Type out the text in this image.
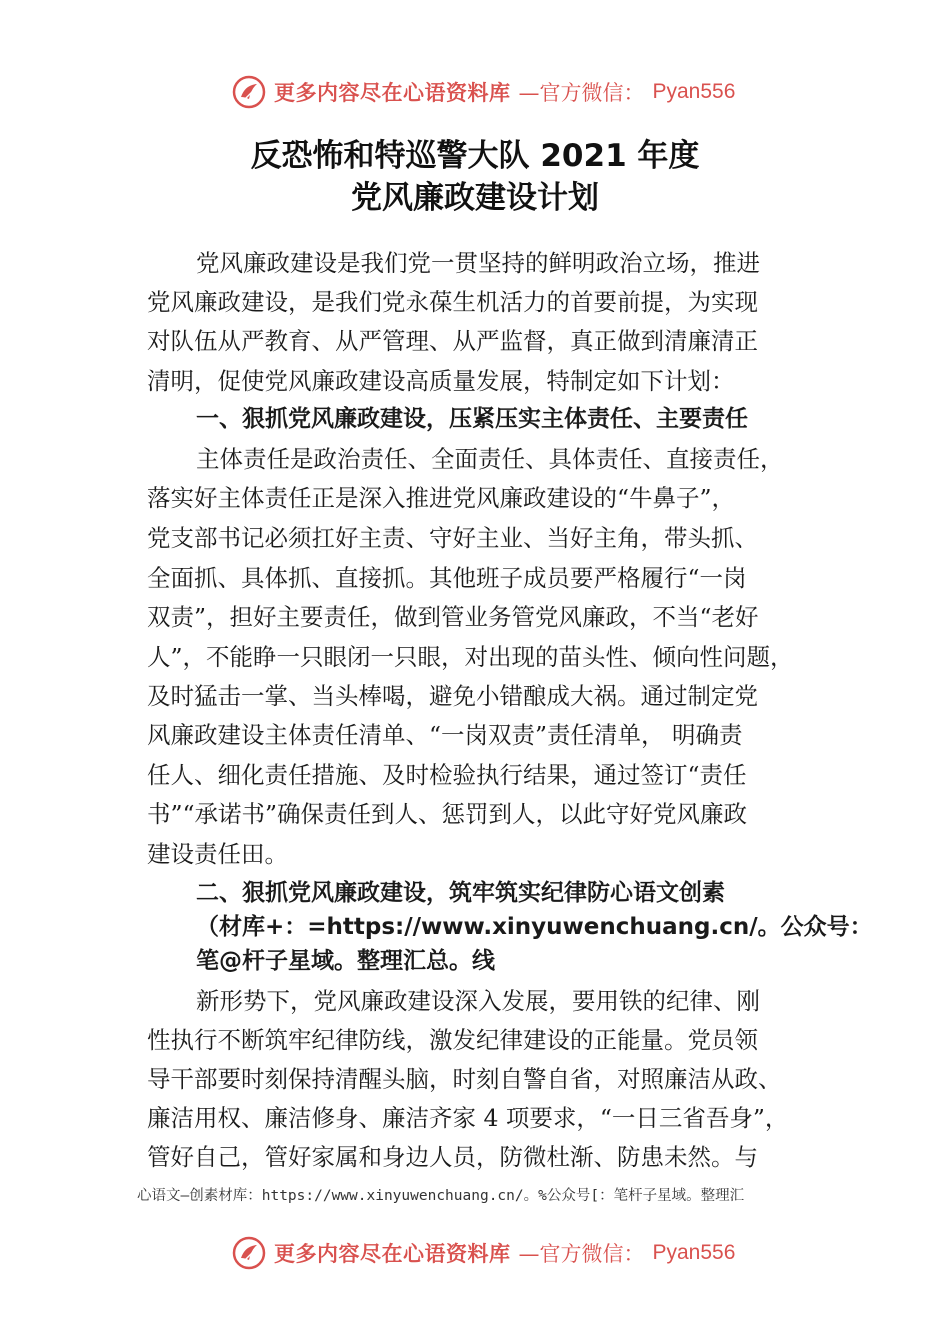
更多内容尽在心语资料库 —官方微信： Pyan556
反恐怖和特巡警大队 2021 年度
党风廉政建设计划
党风廉政建设是我们党一贯坚持的鲜明政治立场，推进
党风廉政建设，是我们党永葆生机活力的首要前提，为实现
对队伍从严教育、从严管理、从严监督，真正做到清廉清正
清明，促使党风廉政建设高质量发展，特制定如下计划：
一、狠抓党风廉政建设，压紧压实主体责任、主要责任
主体责任是政治责任、全面责任、具体责任、直接责任，
落实好主体责任正是深入推进党风廉政建设的“牛鼻子”，
党支部书记必须扛好主责、守好主业、当好主角，带头抓、
全面抓、具体抓、直接抓。其他班子成员要严格履行“一岗
双责”，担好主要责任，做到管业务管党风廉政，不当“老好
人”，不能睁一只眼闭一只眼，对出现的苗头性、倾向性问题，
及时猛击一掌、当头棒喝，避免小错酿成大祸。通过制定党
风廉政建设主体责任清单、“一岗双责”责任清单， 明确责
任人、细化责任措施、及时检验执行结果，通过签订“责任
书”“承诺书”确保责任到人、惩罚到人，以此守好党风廉政
建设责任田。
二、狠抓党风廉政建设，筑牢筑实纪律防心语文创素
（材库+：=https://www.xinyuwenchuang.cn/。公众号：
笔@杆子星域。整理汇总。线
新形势下，党风廉政建设深入发展，要用铁的纪律、刚
性执行不断筑牢纪律防线，激发纪律建设的正能量。党员领
导干部要时刻保持清醒头脑，时刻自警自省，对照廉洁从政、
廉洁用权、廉洁修身、廉洁齐家 4 项要求，“一日三省吾身”，
管好自己，管好家属和身边人员，防微杜渐、防患未然。与
心语文—创素材库：https://www.xinyuwenchuang.cn/。%公众号[：笔杆子星域。整理汇
更多内容尽在心语资料库 —官方微信： Pyan556
